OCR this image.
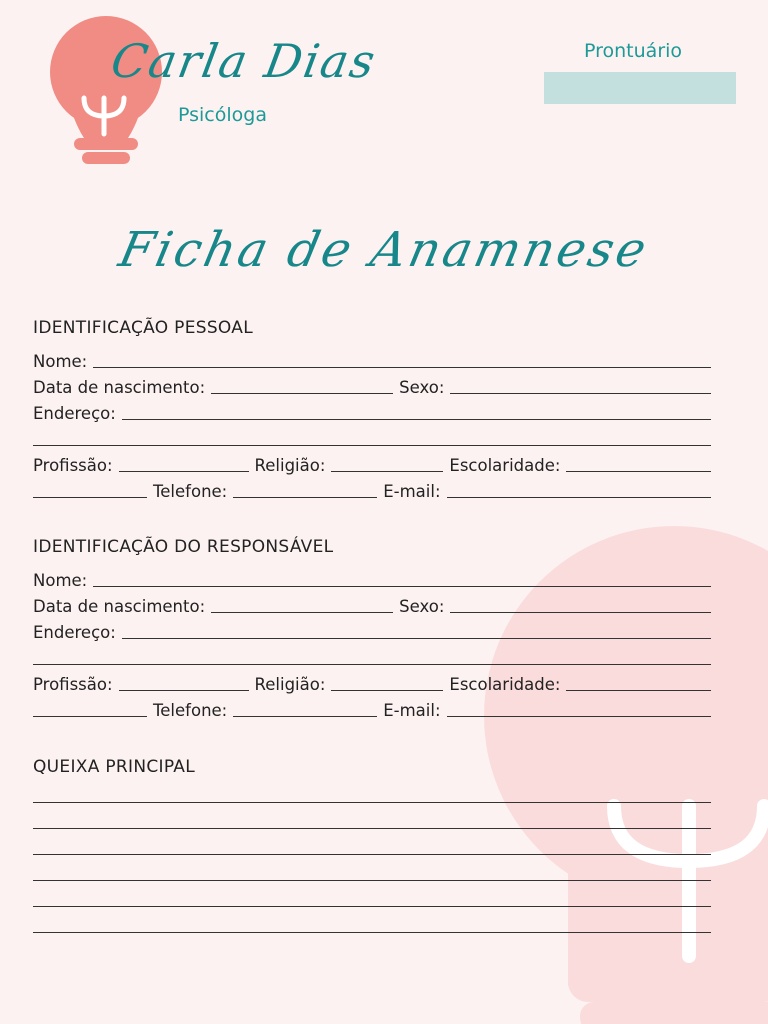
Carla Dias
Psicóloga
Prontuário
Ficha de Anamnese
IDENTIFICAÇÃO PESSOAL
Nome:
Data de nascimento:	Sexo:
Endereço:
Profissão:	Religião:	Escolaridade:
Telefone:	E-mail:
IDENTIFICAÇÃO DO RESPONSÁVEL
Nome:
Data de nascimento:	Sexo:
Endereço:
Profissão:	Religião:	Escolaridade:
Telefone:	E-mail:
QUEIXA PRINCIPAL
